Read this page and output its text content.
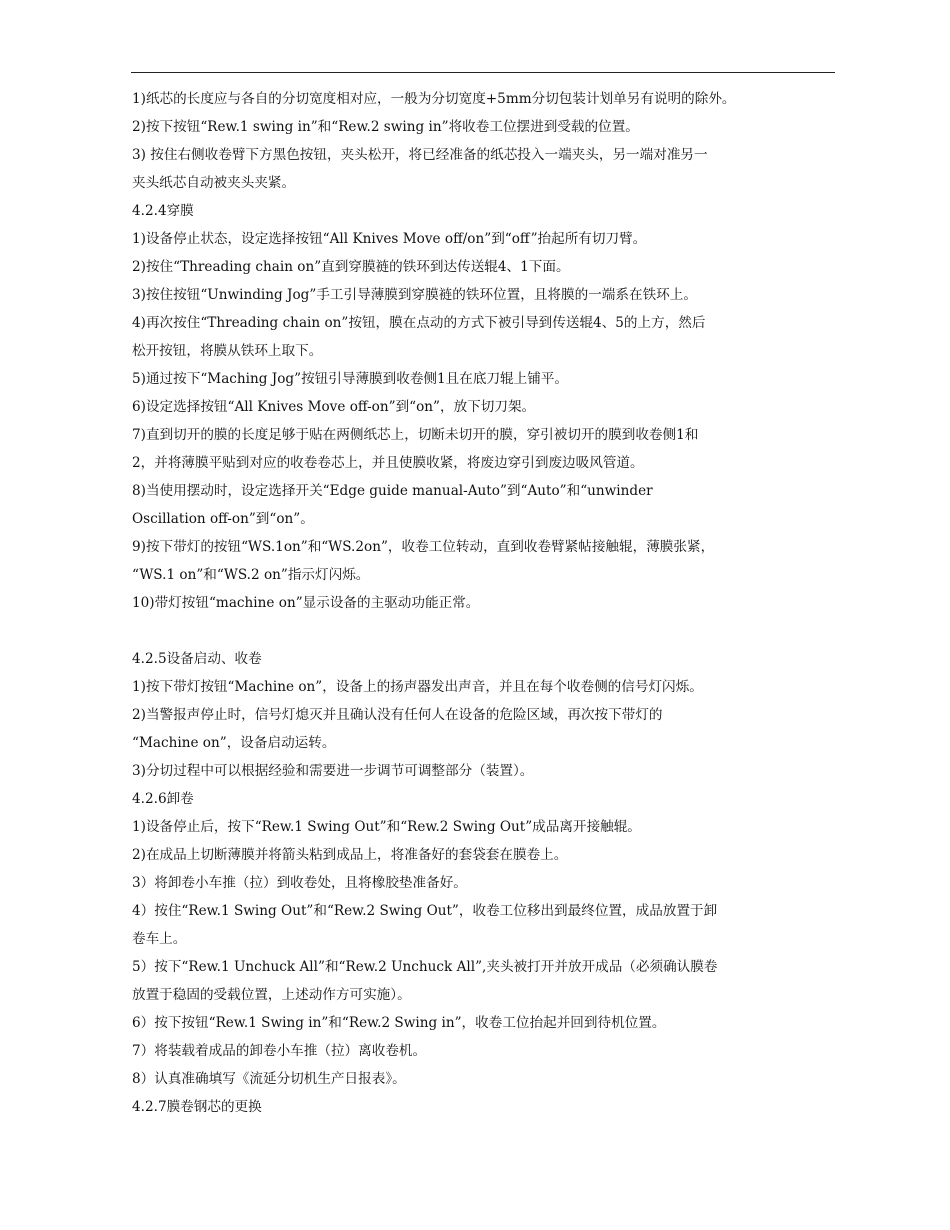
1)纸芯的长度应与各自的分切宽度相对应，一般为分切宽度+5mm分切包装计划单另有说明的除外。
2)按下按钮“Rew.1 swing in”和“Rew.2 swing in”将收卷工位摆进到受载的位置。
3) 按住右侧收卷臂下方黑色按钮，夹头松开，将已经准备的纸芯投入一端夹头，另一端对准另一
夹头纸芯自动被夹头夹紧。
4.2.4穿膜
1)设备停止状态，设定选择按钮“All Knives Move off/on”到“off”抬起所有切刀臂。
2)按住“Threading chain on”直到穿膜裢的铁环到达传送辊4、1下面。
3)按住按钮“Unwinding Jog”手工引导薄膜到穿膜裢的铁环位置，且将膜的一端系在铁环上。
4)再次按住“Threading chain on”按钮，膜在点动的方式下被引导到传送辊4、5的上方，然后
松开按钮，将膜从铁环上取下。
5)通过按下“Maching Jog”按钮引导薄膜到收卷侧1且在底刀辊上铺平。
6)设定选择按钮“All Knives Move off-on”到“on”，放下切刀架。
7)直到切开的膜的长度足够于贴在两侧纸芯上，切断未切开的膜，穿引被切开的膜到收卷侧1和
2，并将薄膜平贴到对应的收卷卷芯上，并且使膜收紧，将废边穿引到废边吸风管道。
8)当使用摆动时，设定选择开关“Edge guide manual-Auto”到“Auto”和“unwinder
Oscillation off-on”到“on”。
9)按下带灯的按钮“WS.1on”和“WS.2on”，收卷工位转动，直到收卷臂紧帖接触辊，薄膜张紧，
“WS.1 on”和“WS.2 on”指示灯闪烁。
10)带灯按钮“machine on”显示设备的主驱动功能正常。
4.2.5设备启动、收卷
1)按下带灯按钮“Machine on”，设备上的扬声器发出声音，并且在每个收卷侧的信号灯闪烁。
2)当警报声停止时，信号灯熄灭并且确认没有任何人在设备的危险区域，再次按下带灯的
“Machine on”，设备启动运转。
3)分切过程中可以根据经验和需要进一步调节可调整部分（装置）。
4.2.6卸卷
1)设备停止后，按下“Rew.1 Swing Out”和“Rew.2 Swing Out”成品离开接触辊。
2)在成品上切断薄膜并将箭头粘到成品上，将准备好的套袋套在膜卷上。
3）将卸卷小车推（拉）到收卷处，且将橡胶垫准备好。
4）按住“Rew.1 Swing Out”和“Rew.2 Swing Out”，收卷工位移出到最终位置，成品放置于卸
卷车上。
5）按下“Rew.1 Unchuck All”和“Rew.2 Unchuck All”,夹头被打开并放开成品（必须确认膜卷
放置于稳固的受载位置，上述动作方可实施）。
6）按下按钮“Rew.1 Swing in”和“Rew.2 Swing in”，收卷工位抬起并回到待机位置。
7）将装载着成品的卸卷小车推（拉）离收卷机。
8）认真准确填写《流延分切机生产日报表》。
4.2.7膜卷钢芯的更换
